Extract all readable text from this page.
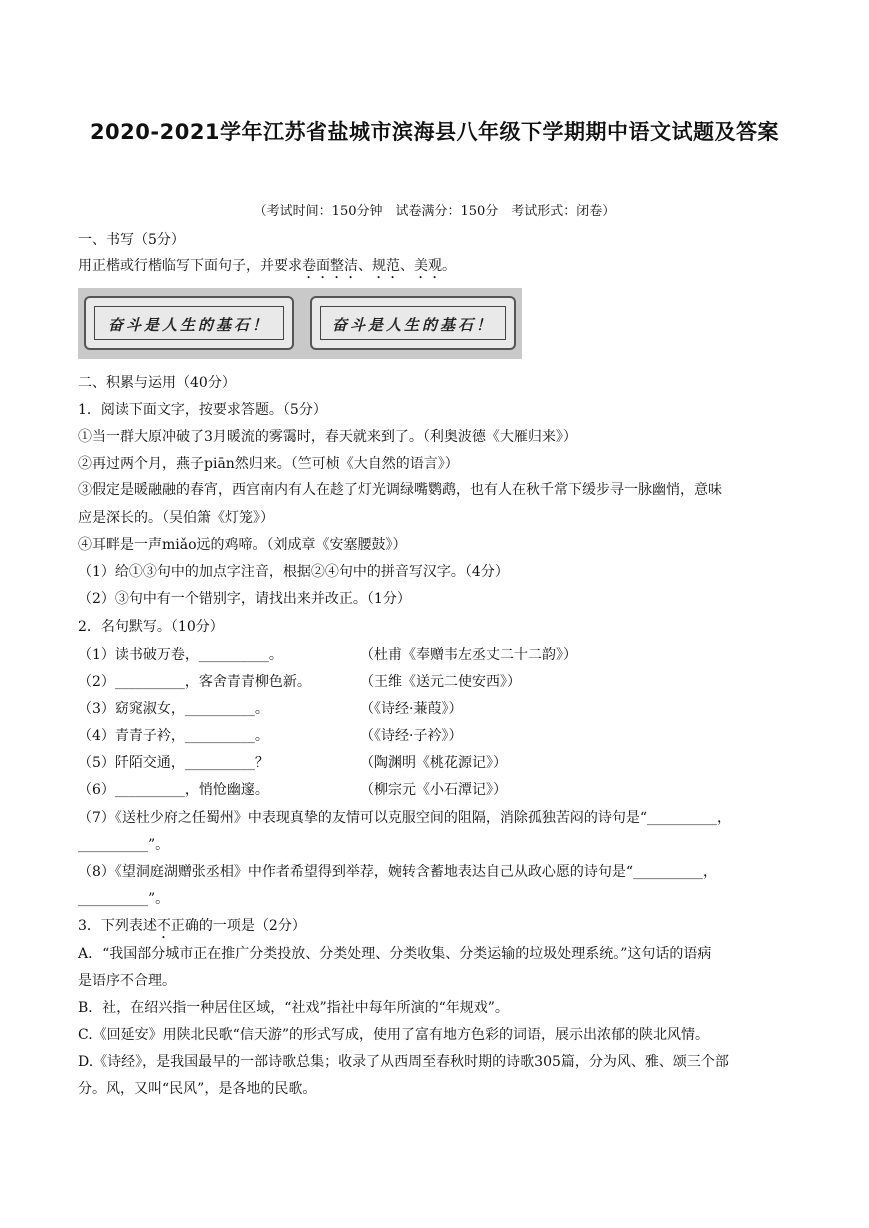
2020-2021学年江苏省盐城市滨海县八年级下学期期中语文试题及答案
（考试时间：150分钟　试卷满分：150分　考试形式：闭卷）
一、书写（5分）
用正楷或行楷临写下面句子，并要求卷面整洁、规范、美观。
奋斗是人生的基石！	奋斗是人生的基石！
二、积累与运用（40分）
1．阅读下面文字，按要求答题。（5分）
①当一群大原冲破了3月暖流的雾霭时，春天就来到了。（利奥波德《大雁归来》）
②再过两个月，燕子piān然归来。（竺可桢《大自然的语言》）
③假定是暖融融的春宵，西宫南内有人在趁了灯光调绿嘴鹦鹉，也有人在秋千常下缓步寻一脉幽悄，意味
应是深长的。（吴伯箫《灯笼》）
④耳畔是一声miǎo远的鸡啼。（刘成章《安塞腰鼓》）
（1）给①③句中的加点字注音，根据②④句中的拼音写汉字。（4分）
（2）③句中有一个错别字，请找出来并改正。（1分）
2．名句默写。（10分）
（1）读书破万卷，__________。	（杜甫《奉赠韦左丞丈二十二韵》）
（2）__________，客舍青青柳色新。	（王维《送元二使安西》）
（3）窈窕淑女，__________。	（《诗经·蒹葭》）
（4）青青子衿，__________。	（《诗经·子衿》）
（5）阡陌交通，__________？	（陶渊明《桃花源记》）
（6）__________，悄怆幽邃。	（柳宗元《小石潭记》）
（7）《送杜少府之任蜀州》中表现真挚的友情可以克服空间的阻隔，消除孤独苦闷的诗句是“__________，
__________”。
（8）《望洞庭湖赠张丞相》中作者希望得到举荐，婉转含蓄地表达自己从政心愿的诗句是“__________，
__________”。
3．下列表述不正确的一项是（2分）
A．“我国部分城市正在推广分类投放、分类处理、分类收集、分类运输的垃圾处理系统。”这句话的语病
是语序不合理。
B．社，在绍兴指一种居住区域，“社戏”指社中每年所演的“年规戏”。
C.《回延安》用陕北民歌“信天游”的形式写成，使用了富有地方色彩的词语，展示出浓郁的陕北风情。
D.《诗经》，是我国最早的一部诗歌总集；收录了从西周至春秋时期的诗歌305篇，分为风、雅、颂三个部
分。风，又叫“民风”，是各地的民歌。
